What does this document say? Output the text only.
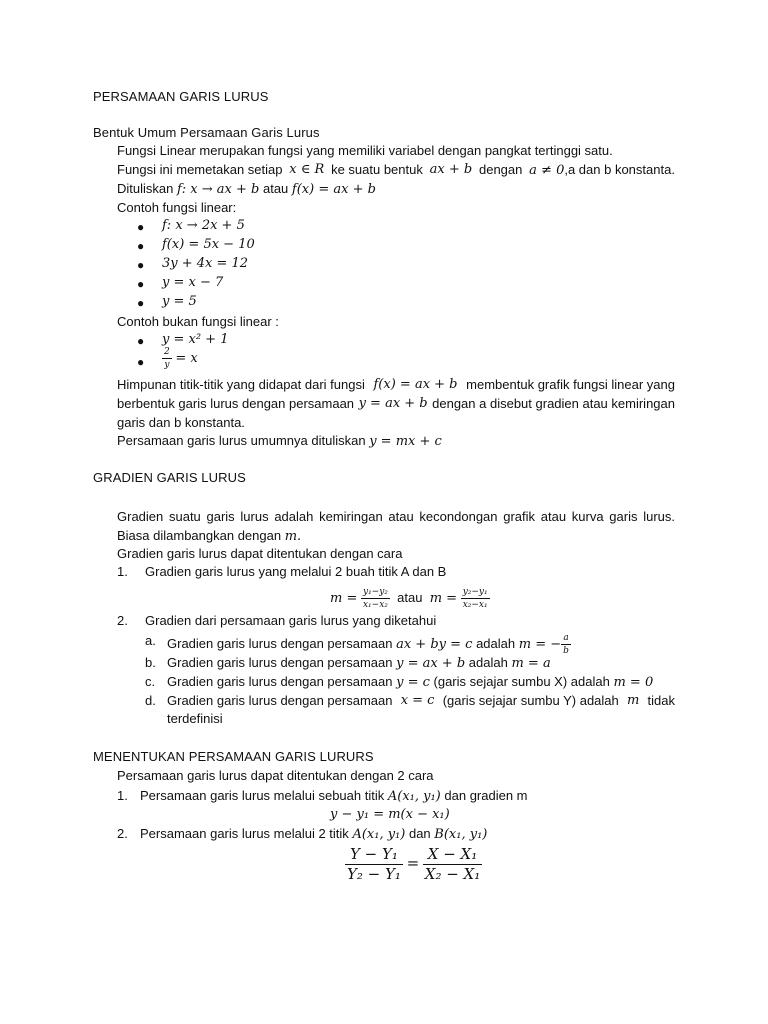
PERSAMAAN GARIS LURUS
Bentuk Umum Persamaan Garis Lurus
Fungsi Linear merupakan fungsi yang memiliki variabel dengan pangkat tertinggi satu.
Fungsi ini memetakan setiap x ∈ R ke suatu bentuk ax + b dengan a ≠ 0,a dan b konstanta.
Dituliskan f: x → ax + b atau f(x) = ax + b
Contoh fungsi linear:
● f: x → 2x + 5
● f(x) = 5x − 10
● 3y + 4x = 12
● y = x − 7
● y = 5
Contoh bukan fungsi linear :
● y = x² + 1
● $\frac{2}{y} = x$
Himpunan titik-titik yang didapat dari fungsi f(x) = ax + b membentuk grafik fungsi linear yang
berbentuk garis lurus dengan persamaan y = ax + b dengan a disebut gradien atau kemiringan
garis dan b konstanta.
Persamaan garis lurus umumnya dituliskan y = mx + c
GRADIEN GARIS LURUS
Gradien suatu garis lurus adalah kemiringan atau kecondongan grafik atau kurva garis lurus.
Biasa dilambangkan dengan m.
Gradien garis lurus dapat ditentukan dengan cara
1. Gradien garis lurus yang melalui 2 buah titik A dan B
$m = \frac{\text{y₁−y₂}}{\text{x₁−x₂}}$ atau $m = \frac{\text{y₂−y₁}}{\text{x₂−x₁}}$
2. Gradien dari persamaan garis lurus yang diketahui
a. Gradien garis lurus dengan persamaan ax + by = c adalah m = − $\frac{a}{b}$
b. Gradien garis lurus dengan persamaan y = ax + b adalah m = a
c. Gradien garis lurus dengan persamaan y = c (garis sejajar sumbu X) adalah m = 0
d. Gradien garis lurus dengan persamaan x = c (garis sejajar sumbu Y) adalah m tidak
terdefinisi
MENENTUKAN PERSAMAAN GARIS LURURS
Persamaan garis lurus dapat ditentukan dengan 2 cara
1. Persamaan garis lurus melalui sebuah titik A(x₁, y₁) dan gradien m
y − y₁ = m(x − x₁)
2. Persamaan garis lurus melalui 2 titik A(x₁, y₁) dan B(x₁, y₁)
$\frac{\text{Y − Y₁}}{\text{Y₂ − Y₁}} = \frac{\text{X − X₁}}{\text{X₂ − X₁}}$
